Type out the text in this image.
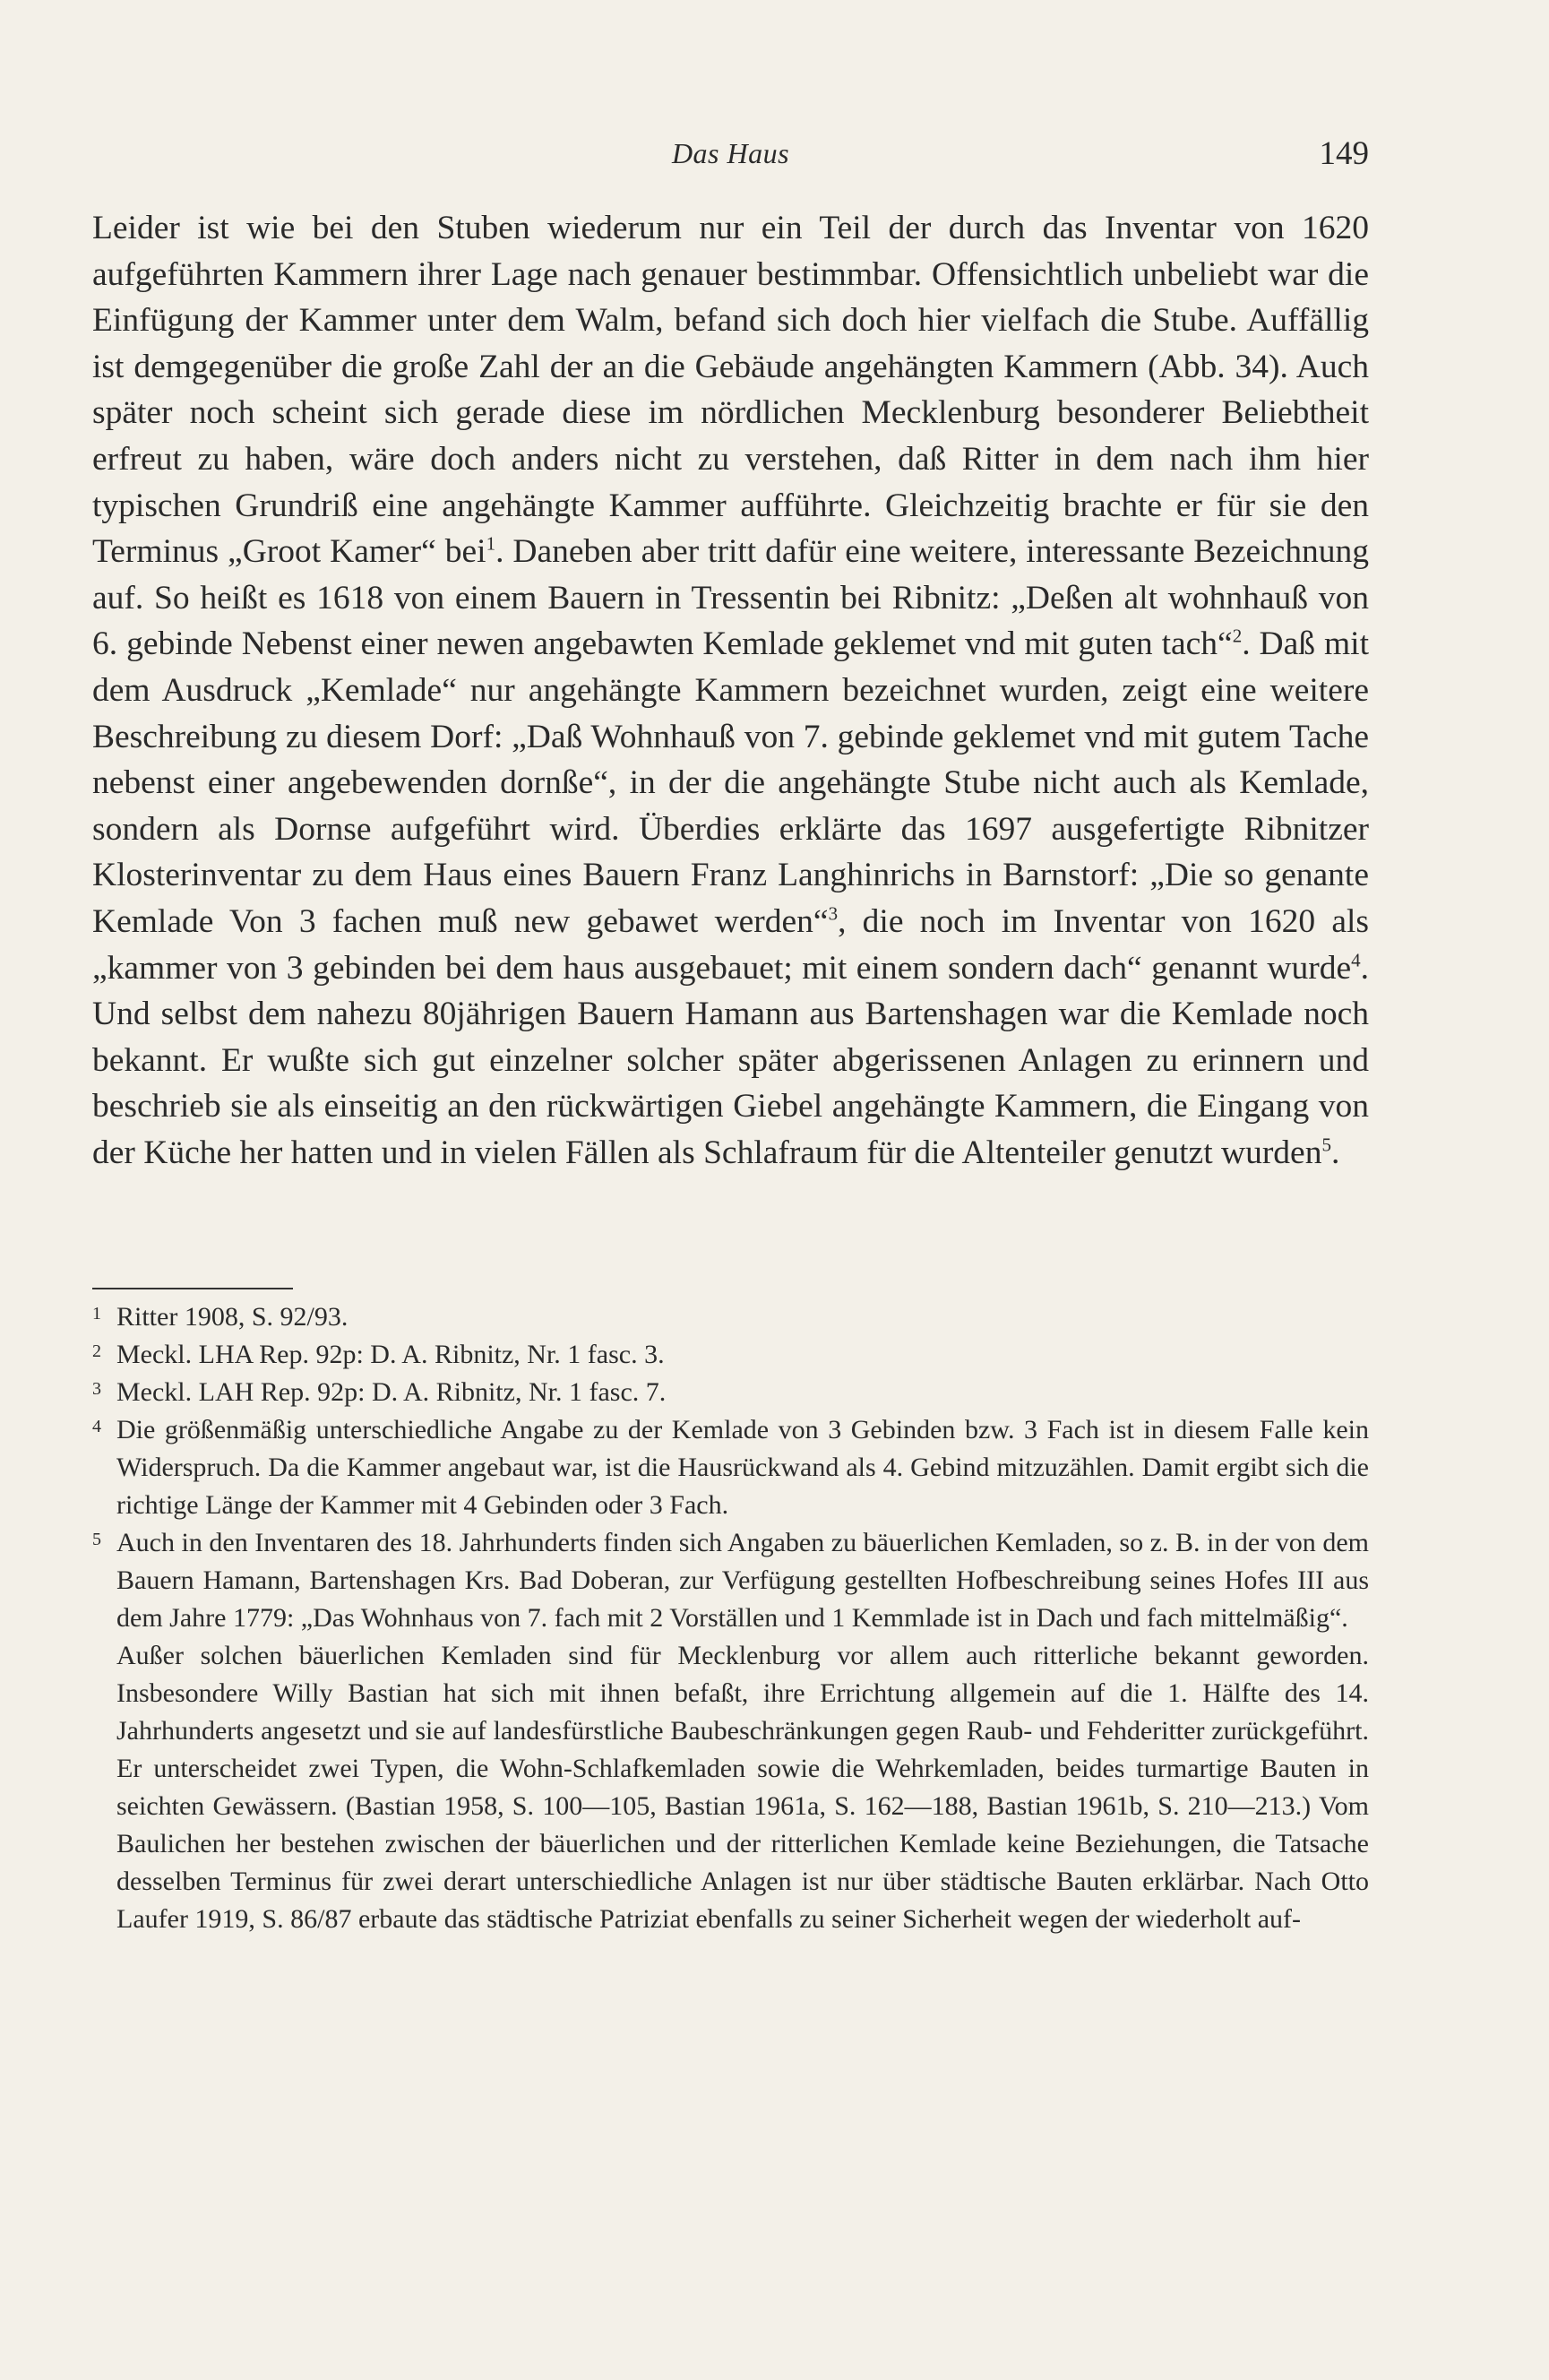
Das Haus	149

Leider ist wie bei den Stuben wiederum nur ein Teil der durch das Inventar von 1620 aufgeführten Kammern ihrer Lage nach genauer bestimmbar. Offensichtlich unbeliebt war die Einfügung der Kammer unter dem Walm, befand sich doch hier vielfach die Stube. Auffällig ist demgegenüber die große Zahl der an die Gebäude angehängten Kammern (Abb. 34). Auch später noch scheint sich gerade diese im nördlichen Mecklenburg besonderer Beliebtheit erfreut zu haben, wäre doch anders nicht zu verstehen, daß Ritter in dem nach ihm hier typischen Grundriß eine angehängte Kammer aufführte. Gleichzeitig brachte er für sie den Terminus „Groot Kamer“ bei$^1$. Daneben aber tritt dafür eine weitere, interessante Bezeichnung auf. So heißt es 1618 von einem Bauern in Tressentin bei Ribnitz: „Deßen alt wohnhauß von 6. gebinde Nebenst einer newen angebawten Kemlade geklemet vnd mit guten tach“$^2$. Daß mit dem Ausdruck „Kemlade“ nur angehängte Kammern bezeichnet wurden, zeigt eine weitere Beschreibung zu diesem Dorf: „Daß Wohnhauß von 7. gebinde geklemet vnd mit gutem Tache nebenst einer angebewenden dornße“, in der die angehängte Stube nicht auch als Kemlade, sondern als Dornse aufgeführt wird. Überdies erklärte das 1697 ausgefertigte Ribnitzer Klosterinventar zu dem Haus eines Bauern Franz Langhinrichs in Barnstorf: „Die so genante Kemlade Von 3 fachen muß new gebawet werden“$^3$, die noch im Inventar von 1620 als „kammer von 3 gebinden bei dem haus ausgebauet; mit einem sondern dach“ genannt wurde$^4$. Und selbst dem nahezu 80jährigen Bauern Hamann aus Bartenshagen war die Kemlade noch bekannt. Er wußte sich gut einzelner solcher später abgerissenen Anlagen zu erinnern und beschrieb sie als einseitig an den rückwärtigen Giebel angehängte Kammern, die Eingang von der Küche her hatten und in vielen Fällen als Schlafraum für die Altenteiler genutzt wurden$^5$.

1 Ritter 1908, S. 92/93.
2 Meckl. LHA Rep. 92p: D. A. Ribnitz, Nr. 1 fasc. 3.
3 Meckl. LAH Rep. 92p: D. A. Ribnitz, Nr. 1 fasc. 7.
4 Die größenmäßig unterschiedliche Angabe zu der Kemlade von 3 Gebinden bzw. 3 Fach ist in diesem Falle kein Widerspruch. Da die Kammer angebaut war, ist die Hausrückwand als 4. Gebind mitzuzählen. Damit ergibt sich die richtige Länge der Kammer mit 4 Gebinden oder 3 Fach.
5 Auch in den Inventaren des 18. Jahrhunderts finden sich Angaben zu bäuerlichen Kemladen, so z. B. in der von dem Bauern Hamann, Bartenshagen Krs. Bad Doberan, zur Verfügung gestellten Hofbeschreibung seines Hofes III aus dem Jahre 1779: „Das Wohnhaus von 7. fach mit 2 Vorställen und 1 Kemmlade ist in Dach und fach mittelmäßig“.
Außer solchen bäuerlichen Kemladen sind für Mecklenburg vor allem auch ritterliche bekannt geworden. Insbesondere Willy Bastian hat sich mit ihnen befaßt, ihre Errichtung allgemein auf die 1. Hälfte des 14. Jahrhunderts angesetzt und sie auf landesfürstliche Baubeschränkungen gegen Raub- und Fehderitter zurückgeführt. Er unterscheidet zwei Typen, die Wohn-Schlafkemladen sowie die Wehrkemladen, beides turmartige Bauten in seichten Gewässern. (Bastian 1958, S. 100—105, Bastian 1961a, S. 162—188, Bastian 1961b, S. 210—213.) Vom Baulichen her bestehen zwischen der bäuerlichen und der ritterlichen Kemlade keine Beziehungen, die Tatsache desselben Terminus für zwei derart unterschiedliche Anlagen ist nur über städtische Bauten erklärbar. Nach Otto Laufer 1919, S. 86/87 erbaute das städtische Patriziat ebenfalls zu seiner Sicherheit wegen der wiederholt auf-
